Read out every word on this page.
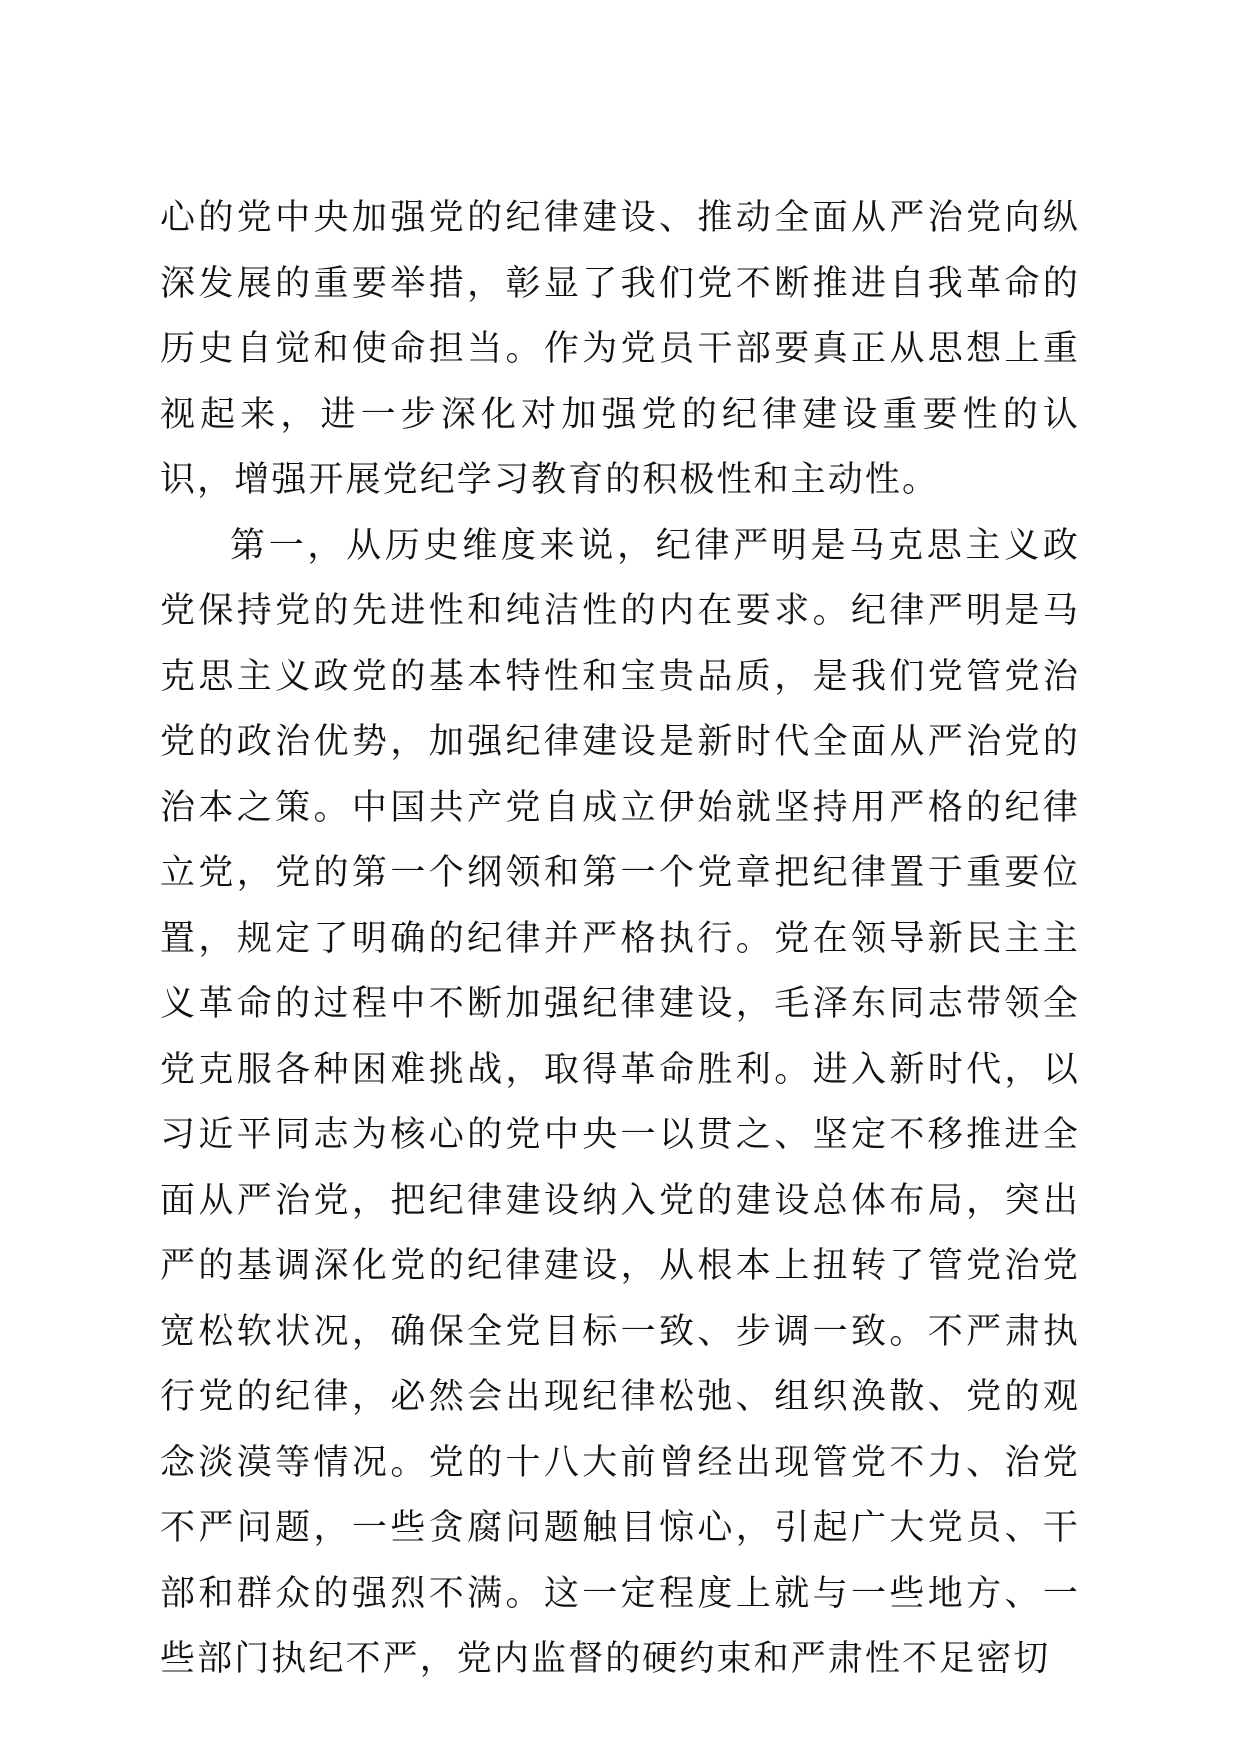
心的党中央加强党的纪律建设、推动全面从严治党向纵深发展的重要举措，彰显了我们党不断推进自我革命的历史自觉和使命担当。作为党员干部要真正从思想上重视起来，进一步深化对加强党的纪律建设重要性的认识，增强开展党纪学习教育的积极性和主动性。

第一，从历史维度来说，纪律严明是马克思主义政党保持党的先进性和纯洁性的内在要求。纪律严明是马克思主义政党的基本特性和宝贵品质，是我们党管党治党的政治优势，加强纪律建设是新时代全面从严治党的治本之策。中国共产党自成立伊始就坚持用严格的纪律立党，党的第一个纲领和第一个党章把纪律置于重要位置，规定了明确的纪律并严格执行。党在领导新民主主义革命的过程中不断加强纪律建设，毛泽东同志带领全党克服各种困难挑战，取得革命胜利。进入新时代，以习近平同志为核心的党中央一以贯之、坚定不移推进全面从严治党，把纪律建设纳入党的建设总体布局，突出严的基调深化党的纪律建设，从根本上扭转了管党治党宽松软状况，确保全党目标一致、步调一致。不严肃执行党的纪律，必然会出现纪律松弛、组织涣散、党的观念淡漠等情况。党的十八大前曾经出现管党不力、治党不严问题，一些贪腐问题触目惊心，引起广大党员、干部和群众的强烈不满。这一定程度上就与一些地方、一些部门执纪不严，党内监督的硬约束和严肃性不足密切
